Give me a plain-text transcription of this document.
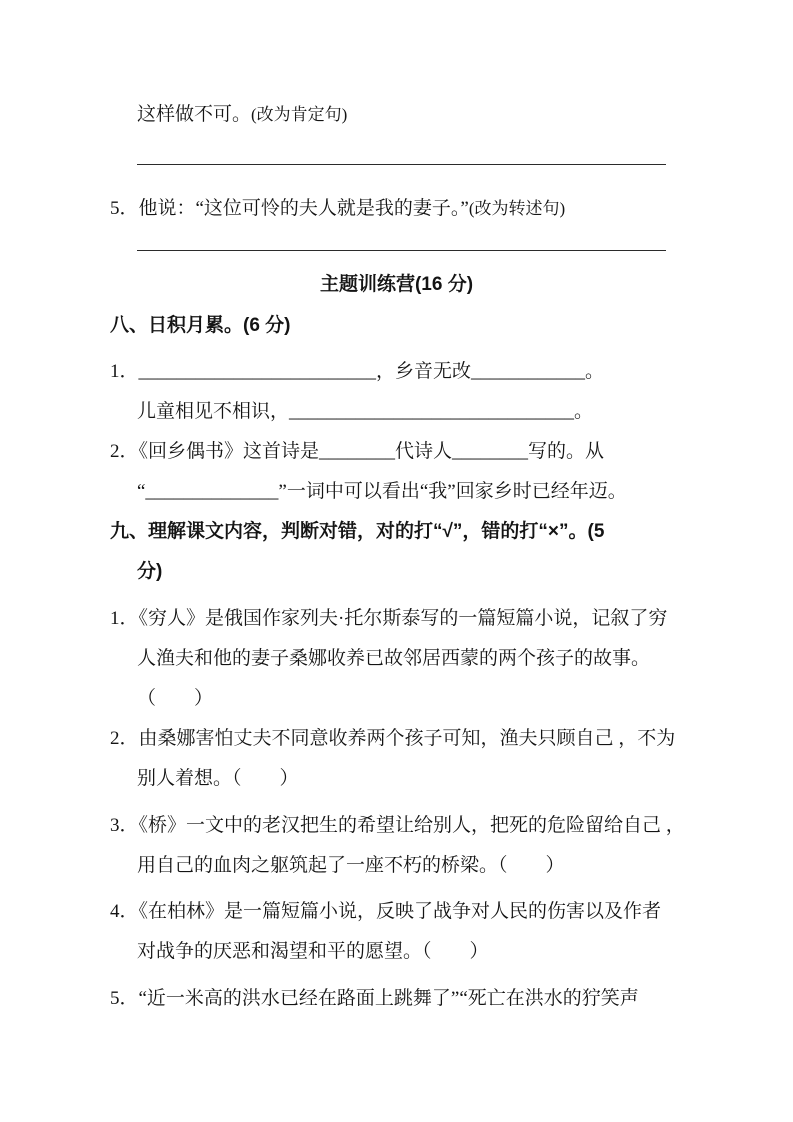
这样做不可。(改为肯定句)
5．他说：“这位可怜的夫人就是我的妻子。”(改为转述句)
主题训练营(16 分)
八、日积月累。(6 分)
1．_________________________，乡音无改____________。
儿童相见不相识，______________________________。
2．《回乡偶书》这首诗是________代诗人________写的。从
“______________”一词中可以看出“我”回家乡时已经年迈。
九、理解课文内容，判断对错，对的打“√”，错的打“×”。(5
分)
1．《穷人》是俄国作家列夫·托尔斯泰写的一篇短篇小说，记叙了穷
人渔夫和他的妻子桑娜收养已故邻居西蒙的两个孩子的故事。
（　　）
2．由桑娜害怕丈夫不同意收养两个孩子可知，渔夫只顾自己 ，不为
别人着想。（　　）
3．《桥》一文中的老汉把生的希望让给别人，把死的危险留给自己 ，
用自己的血肉之躯筑起了一座不朽的桥梁。（　　）
4．《在柏林》是一篇短篇小说，反映了战争对人民的伤害以及作者
对战争的厌恶和渴望和平的愿望。（　　）
5．“近一米高的洪水已经在路面上跳舞了”“死亡在洪水的狞笑声
